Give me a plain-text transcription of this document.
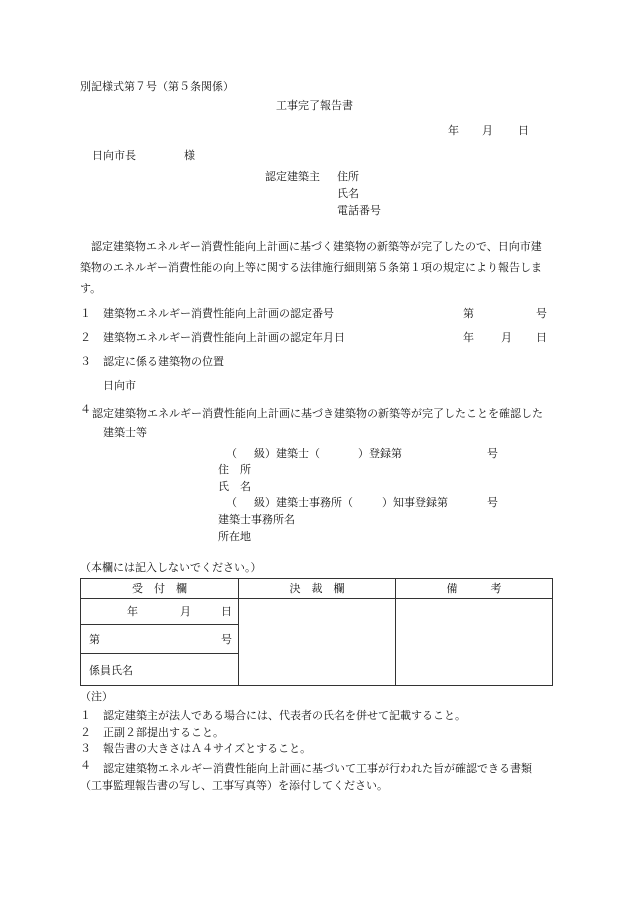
別記様式第７号（第５条関係）
工事完了報告書
年 月 日
日向市長	様
認定建築主 住所
氏名
電話番号
認定建築物エネルギー消費性能向上計画に基づく建築物の新築等が完了したので、日向市建築物のエネルギー消費性能の向上等に関する法律施行細則第５条第１項の規定により報告します。
１ 建築物エネルギー消費性能向上計画の認定番号	第	号
２ 建築物エネルギー消費性能向上計画の認定年月日	年 月 日
３ 認定に係る建築物の位置
日向市
４ 認定建築物エネルギー消費性能向上計画に基づき建築物の新築等が完了したことを確認した建築士等
（ 級）建築士（	）登録第	号
住　所
氏　名
（ 級）建築士事務所（	）知事登録第	号
建築士事務所名
所在地
（本欄には記入しないでください。）
受　付　欄	決　裁　欄	備　　　考

年 月 日		

第 号		

係員氏名		
（注）
１ 認定建築主が法人である場合には、代表者の氏名を併せて記載すること。
２ 正副２部提出すること。
３ 報告書の大きさはＡ４サイズとすること。
４	認定建築物エネルギー消費性能向上計画に基づいて工事が行われた旨が確認できる書類（工事監理報告書の写し、工事写真等）を添付してください。
